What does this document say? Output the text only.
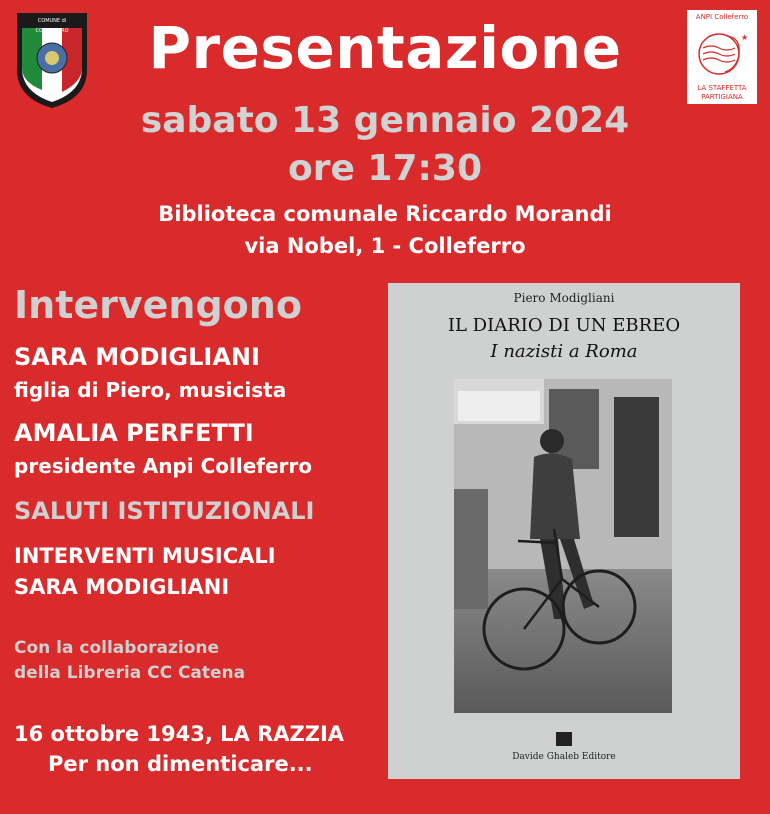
COMUNE di COLLEFERRO
ANPI Colleferro
★
LA STAFFETTA
PARTIGIANA
Presentazione
sabato 13 gennaio 2024
ore 17:30
Biblioteca comunale Riccardo Morandi
via Nobel, 1 - Colleferro
Intervengono
SARA MODIGLIANI
figlia di Piero, musicista
AMALIA PERFETTI
presidente Anpi Colleferro
SALUTI ISTITUZIONALI
INTERVENTI MUSICALI
SARA MODIGLIANI
Con la collaborazione
della Libreria CC Catena
16 ottobre 1943, LA RAZZIA
Per non dimenticare...
Piero Modigliani
IL DIARIO DI UN EBREO
I nazisti a Roma
Davide Ghaleb Editore
